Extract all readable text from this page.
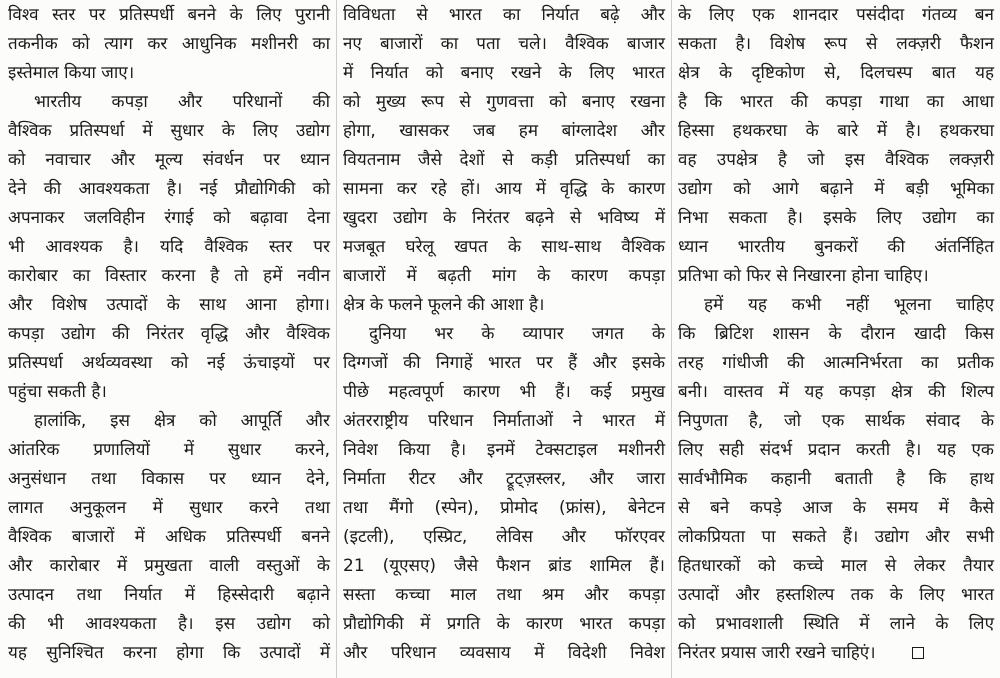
विश्व स्तर पर प्रतिस्पर्धी बनने के लिए पुरानी
तकनीक को त्याग कर आधुनिक मशीनरी का
इस्तेमाल किया जाए।
भारतीय कपड़ा और परिधानों की
वैश्विक प्रतिस्पर्धा में सुधार के लिए उद्योग
को नवाचार और मूल्य संवर्धन पर ध्यान
देने की आवश्यकता है। नई प्रौद्योगिकी को
अपनाकर जलविहीन रंगाई को बढ़ावा देना
भी आवश्यक है। यदि वैश्विक स्तर पर
कारोबार का विस्तार करना है तो हमें नवीन
और विशेष उत्पादों के साथ आना होगा।
कपड़ा उद्योग की निरंतर वृद्धि और वैश्विक
प्रतिस्पर्धा अर्थव्यवस्था को नई ऊंचाइयों पर
पहुंचा सकती है।
हालांकि, इस क्षेत्र को आपूर्ति और
आंतरिक प्रणालियों में सुधार करने,
अनुसंधान तथा विकास पर ध्यान देने,
लागत अनुकूलन में सुधार करने तथा
वैश्विक बाजारों में अधिक प्रतिस्पर्धी बनने
और कारोबार में प्रमुखता वाली वस्तुओं के
उत्पादन तथा निर्यात में हिस्सेदारी बढ़ाने
की भी आवश्यकता है। इस उद्योग को
यह सुनिश्चित करना होगा कि उत्पादों में
विविधता से भारत का निर्यात बढ़े और
नए बाजारों का पता चले। वैश्विक बाजार
में निर्यात को बनाए रखने के लिए भारत
को मुख्य रूप से गुणवत्ता को बनाए रखना
होगा, खासकर जब हम बांग्लादेश और
वियतनाम जैसे देशों से कड़ी प्रतिस्पर्धा का
सामना कर रहे हों। आय में वृद्धि के कारण
खुदरा उद्योग के निरंतर बढ़ने से भविष्य में
मजबूत घरेलू खपत के साथ-साथ वैश्विक
बाजारों में बढ़ती मांग के कारण कपड़ा
क्षेत्र के फलने फूलने की आशा है।
दुनिया भर के व्यापार जगत के
दिग्गजों की निगाहें भारत पर हैं और इसके
पीछे महत्वपूर्ण कारण भी हैं। कई प्रमुख
अंतरराष्ट्रीय परिधान निर्माताओं ने भारत में
निवेश किया है। इनमें टेक्सटाइल मशीनरी
निर्माता रीटर और ट्रूट्ज़स्लर, और जारा
तथा मैंगो (स्पेन), प्रोमोद (फ्रांस), बेनेटन
(इटली), एस्प्रिट, लेविस और फॉरएवर
21 (यूएसए) जैसे फैशन ब्रांड शामिल हैं।
सस्ता कच्चा माल तथा श्रम और कपड़ा
प्रौद्योगिकी में प्रगति के कारण भारत कपड़ा
और परिधान व्यवसाय में विदेशी निवेश
के लिए एक शानदार पसंदीदा गंतव्य बन
सकता है। विशेष रूप से लक्ज़री फैशन
क्षेत्र के दृष्टिकोण से, दिलचस्प बात यह
है कि भारत की कपड़ा गाथा का आधा
हिस्सा हथकरघा के बारे में है। हथकरघा
वह उपक्षेत्र है जो इस वैश्विक लक्ज़री
उद्योग को आगे बढ़ाने में बड़ी भूमिका
निभा सकता है। इसके लिए उद्योग का
ध्यान भारतीय बुनकरों की अंतर्निहित
प्रतिभा को फिर से निखारना होना चाहिए।
हमें यह कभी नहीं भूलना चाहिए
कि ब्रिटिश शासन के दौरान खादी किस
तरह गांधीजी की आत्मनिर्भरता का प्रतीक
बनी। वास्तव में यह कपड़ा क्षेत्र की शिल्प
निपुणता है, जो एक सार्थक संवाद के
लिए सही संदर्भ प्रदान करती है। यह एक
सार्वभौमिक कहानी बताती है कि हाथ
से बने कपड़े आज के समय में कैसे
लोकप्रियता पा सकते हैं। उद्योग और सभी
हितधारकों को कच्चे माल से लेकर तैयार
उत्पादों और हस्तशिल्प तक के लिए भारत
को प्रभावशाली स्थिति में लाने के लिए
निरंतर प्रयास जारी रखने चाहिएं।
